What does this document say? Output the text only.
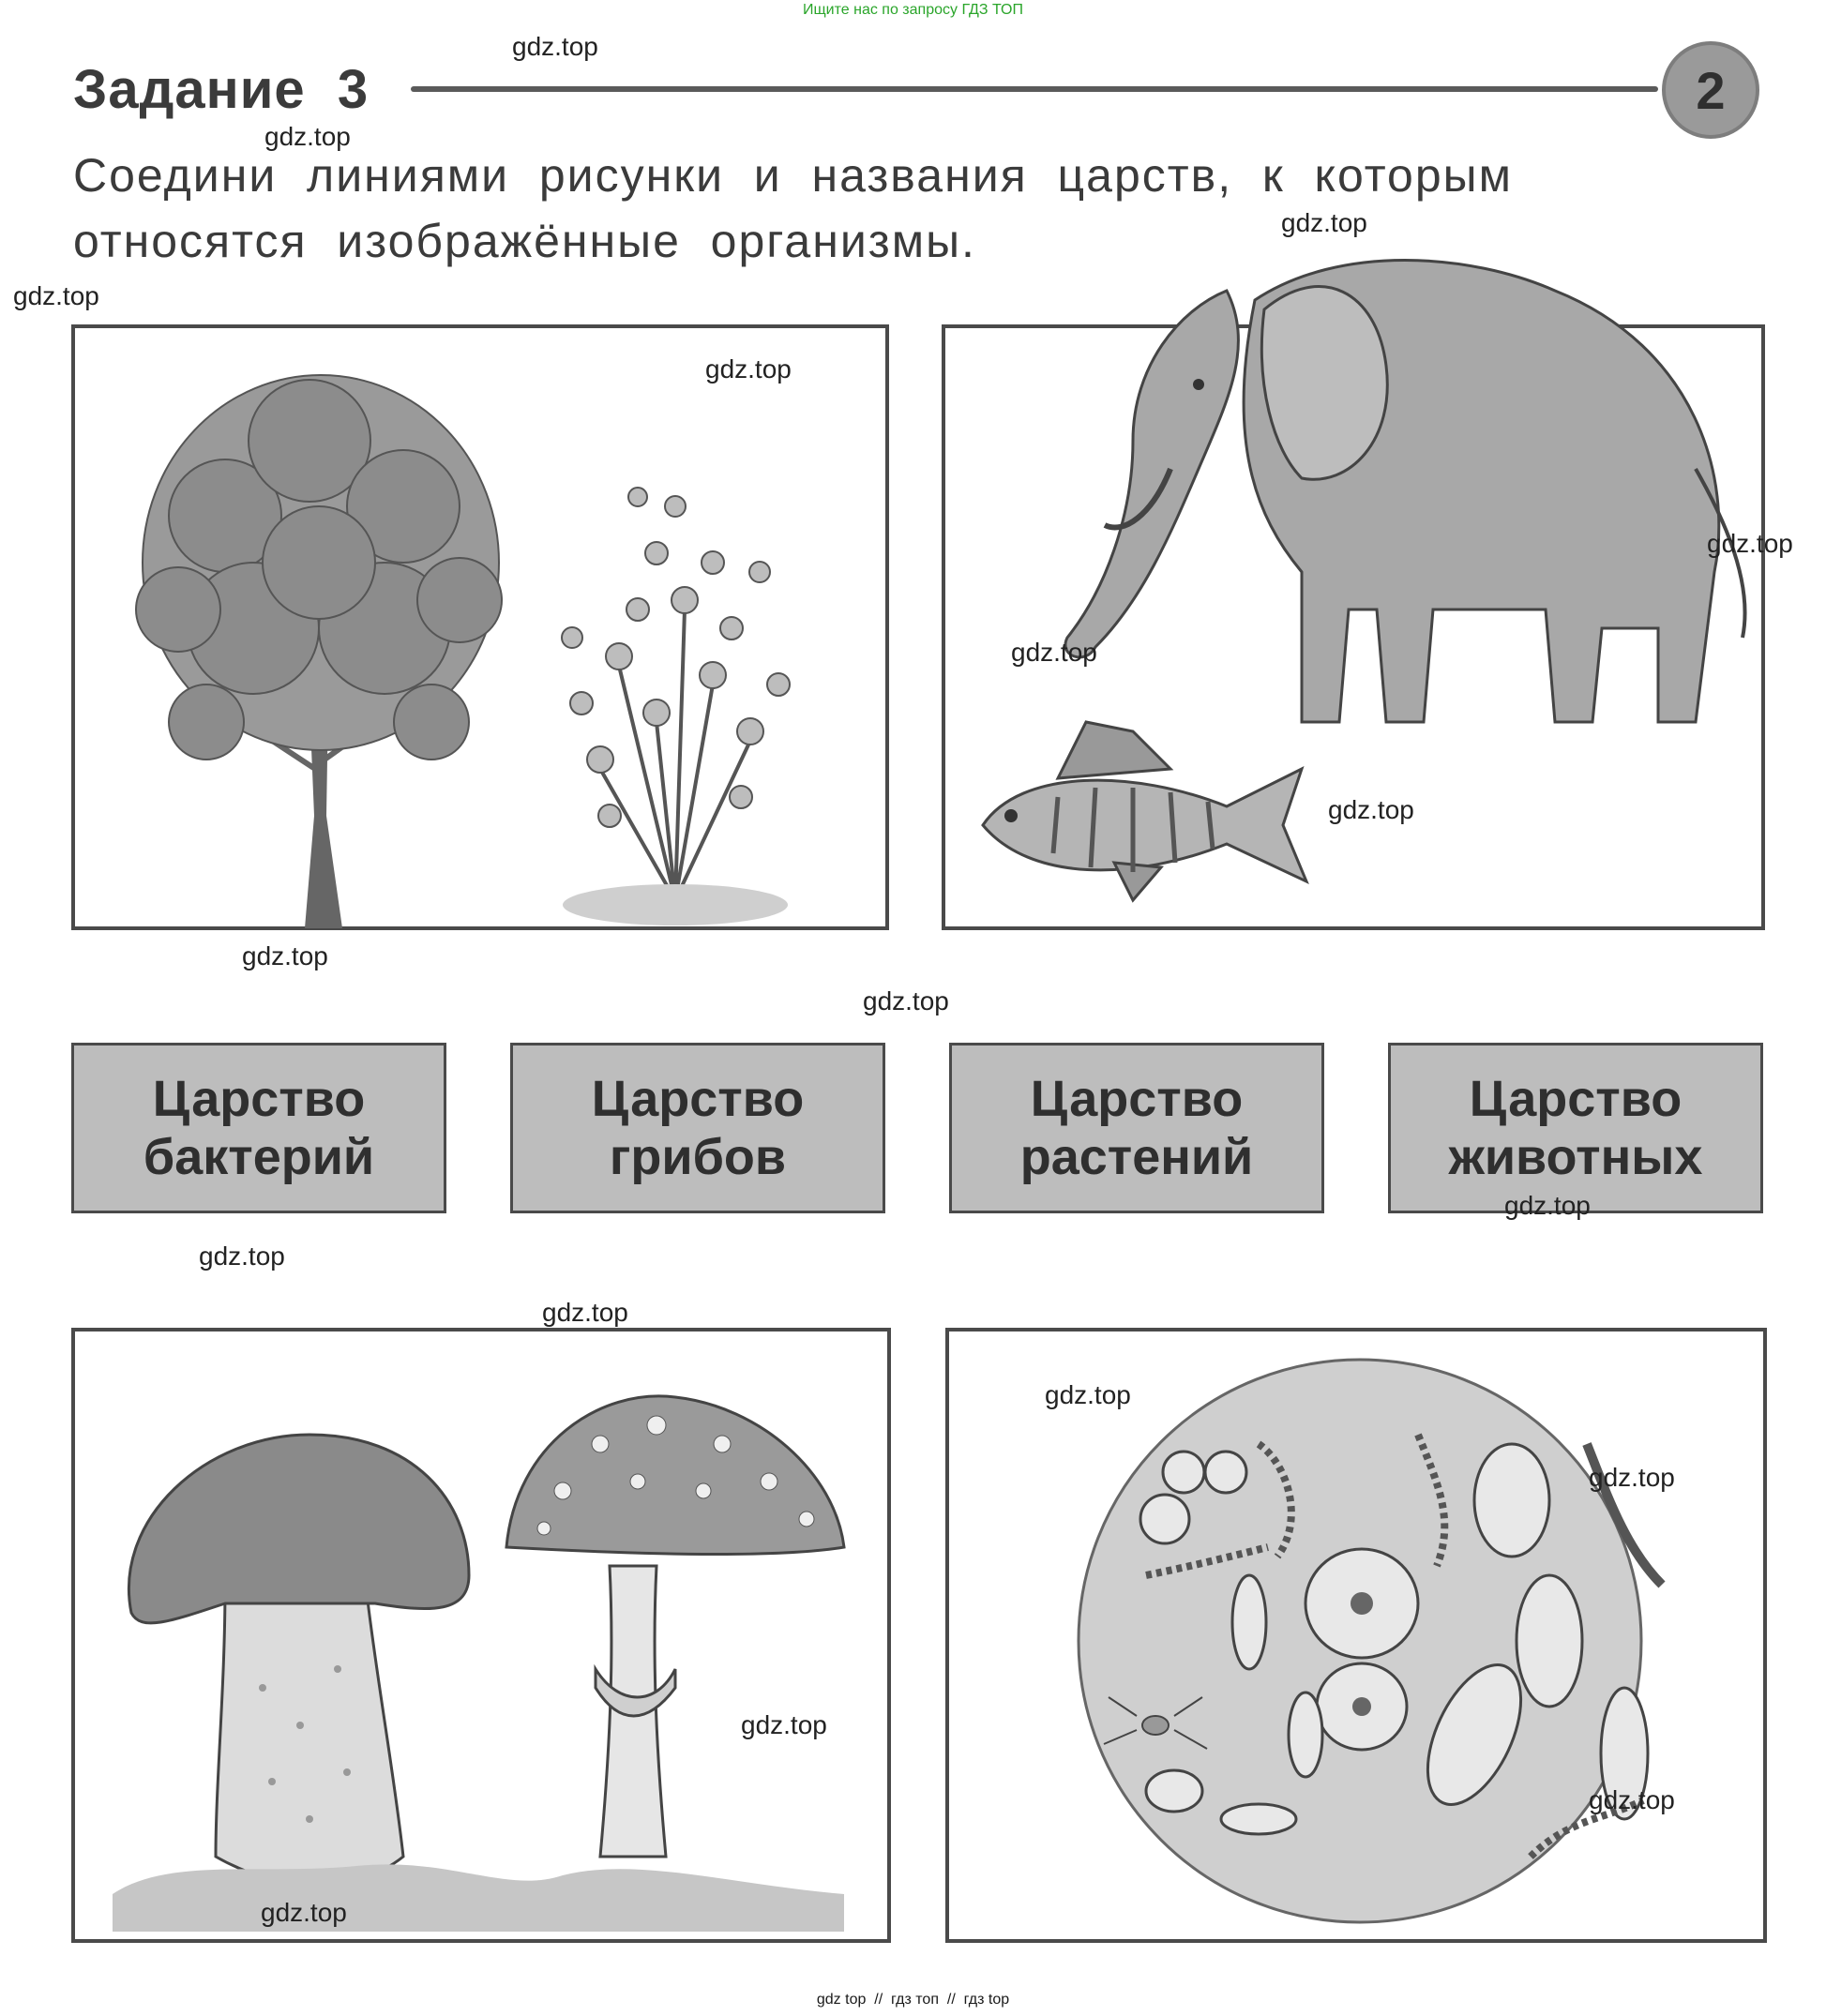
Ищите нас по запросу ГДЗ ТОП
Задание  3	2
Соедини  линиями  рисунки  и  названия  царств,  к  которым
относятся  изображённые  организмы.
Царство
бактерий
Царство
грибов
Царство
растений
Царство
животных
gdz.top
gdz.top
gdz.top
gdz.top
gdz.top
gdz.top
gdz.top
gdz.top
gdz.top
gdz.top
gdz.top
gdz.top
gdz.top
gdz.top
gdz.top
gdz.top
gdz.top
gdz.top
gdz top  //  гдз топ  //  гдз top
